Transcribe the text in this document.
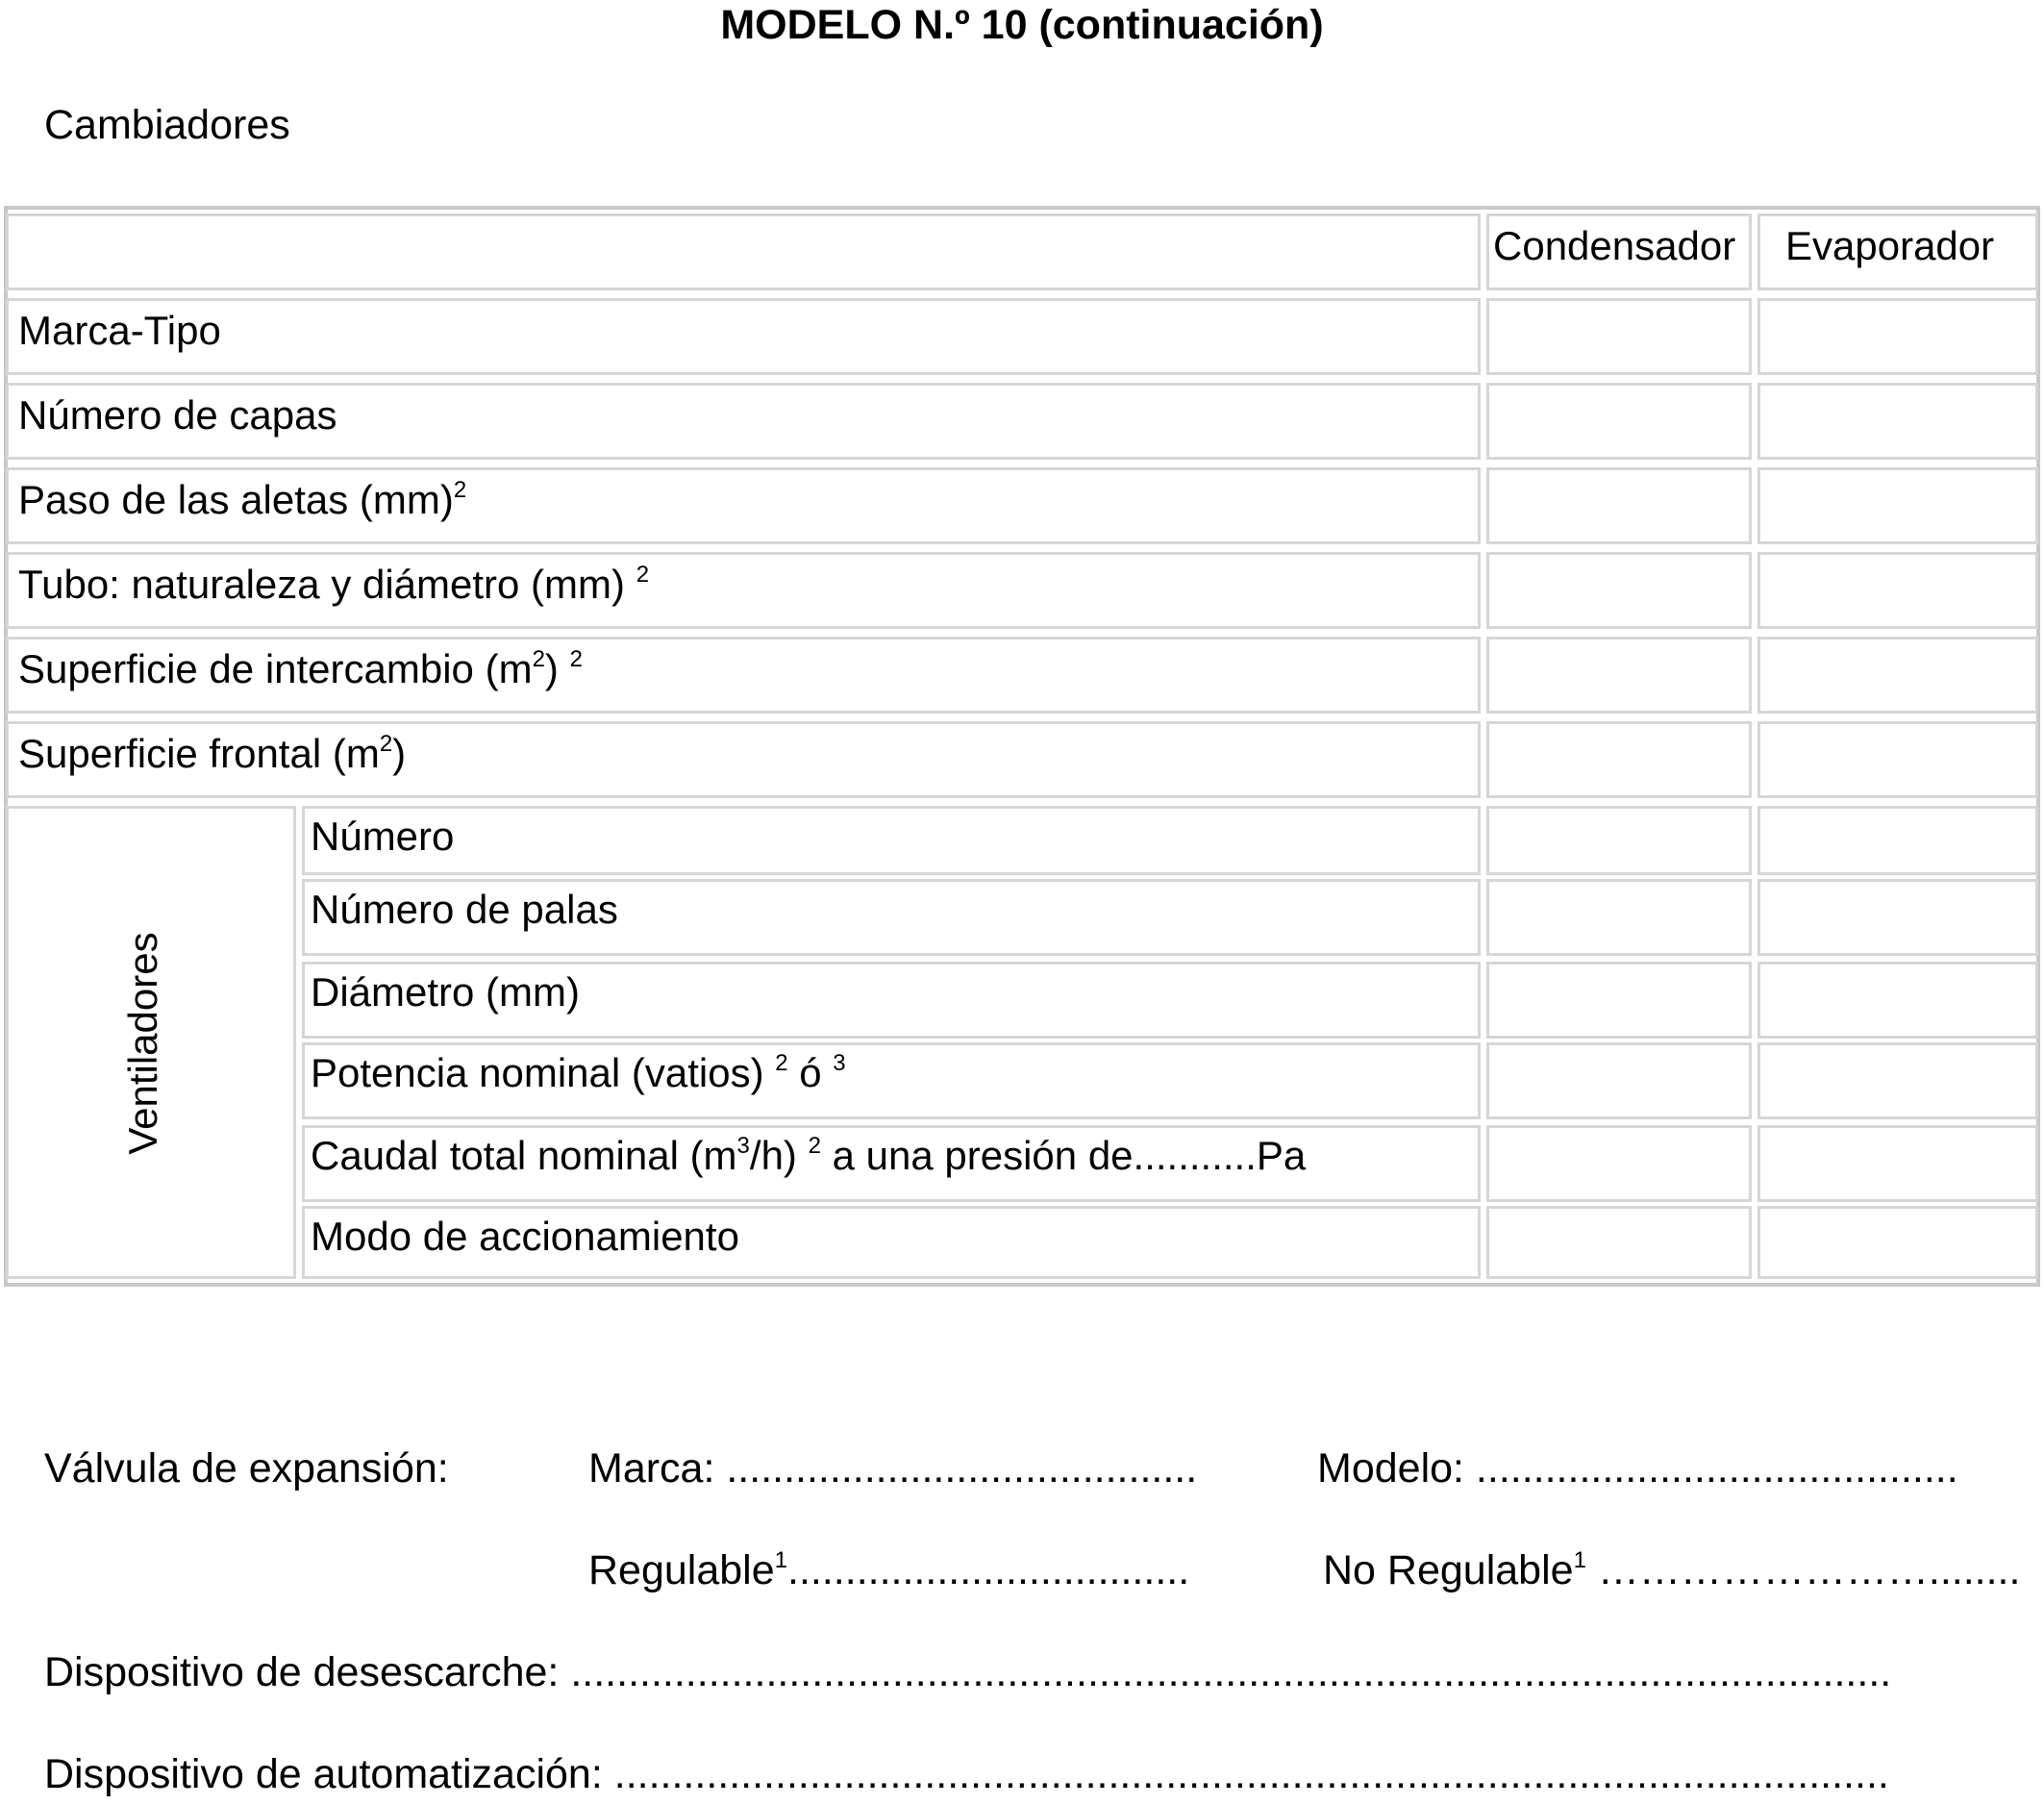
MODELO N.º 10 (continuación)
Cambiadores
Condensador Evaporador
Marca-Tipo
Número de capas
Paso de las aletas (mm)$^2$
Tubo: naturaleza y diámetro (mm) $^2$
Superficie de intercambio $(m^2)$ $^2$
Superficie frontal $(m^2)$
Ventiladores
Número
Número de palas
Diámetro (mm)
Potencia nominal (vatios) $^2$ ó $^3$
Caudal total nominal $(m^3/h)$ $^2$ a una presión de...........Pa
Modo de accionamiento
Válvula de expansión:	Marca: .........................................	Modelo: ..........................................
Regulable$^1$...................................	No Regulable$^1$ ……………………........
Dispositivo de desescarche: ...................................................................................................................
Dispositivo de automatización: ...............................................................................................................
